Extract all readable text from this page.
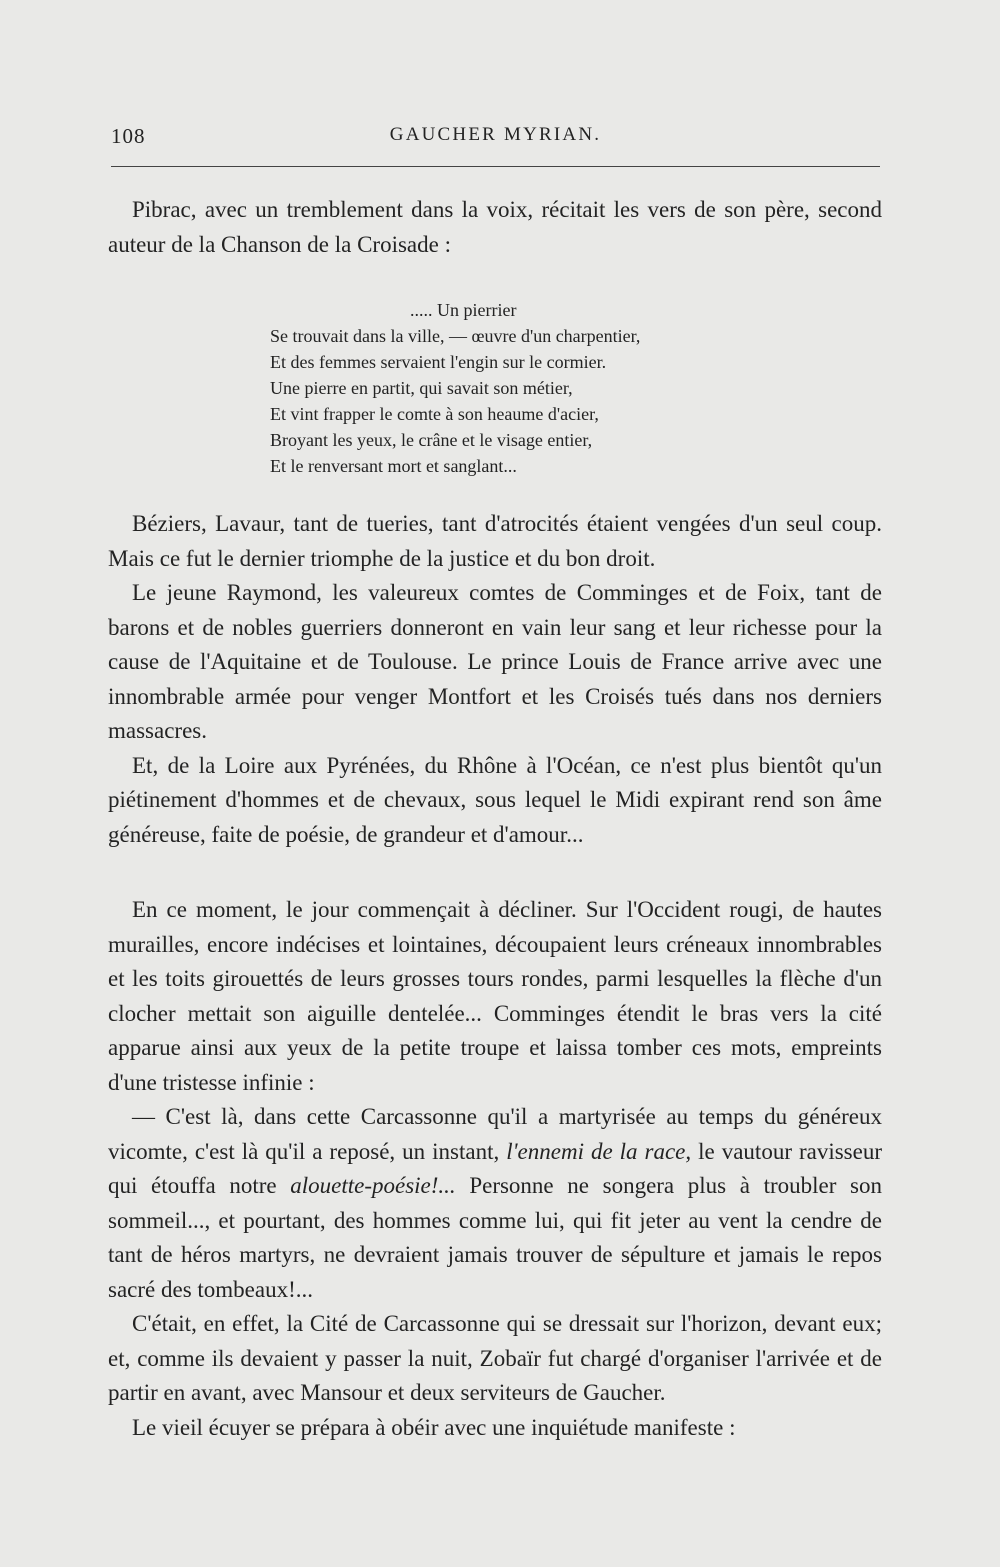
108	GAUCHER MYRIAN.

Pibrac, avec un tremblement dans la voix, récitait les vers de son père, second auteur de la Chanson de la Croisade :

..... Un pierrier
Se trouvait dans la ville, — œuvre d'un charpentier,
Et des femmes servaient l'engin sur le cormier.
Une pierre en partit, qui savait son métier,
Et vint frapper le comte à son heaume d'acier,
Broyant les yeux, le crâne et le visage entier,
Et le renversant mort et sanglant...

Béziers, Lavaur, tant de tueries, tant d'atrocités étaient vengées d'un seul coup. Mais ce fut le dernier triomphe de la justice et du bon droit.

Le jeune Raymond, les valeureux comtes de Comminges et de Foix, tant de barons et de nobles guerriers donneront en vain leur sang et leur richesse pour la cause de l'Aquitaine et de Toulouse. Le prince Louis de France arrive avec une innombrable armée pour venger Montfort et les Croisés tués dans nos derniers massacres.

Et, de la Loire aux Pyrénées, du Rhône à l'Océan, ce n'est plus bientôt qu'un piétinement d'hommes et de chevaux, sous lequel le Midi expirant rend son âme généreuse, faite de poésie, de grandeur et d'amour...

En ce moment, le jour commençait à décliner. Sur l'Occident rougi, de hautes murailles, encore indécises et lointaines, découpaient leurs créneaux innombrables et les toits girouettés de leurs grosses tours rondes, parmi lesquelles la flèche d'un clocher mettait son aiguille dentelée... Comminges étendit le bras vers la cité apparue ainsi aux yeux de la petite troupe et laissa tomber ces mots, empreints d'une tristesse infinie :

— C'est là, dans cette Carcassonne qu'il a martyrisée au temps du généreux vicomte, c'est là qu'il a reposé, un instant, l'ennemi de la race, le vautour ravisseur qui étouffa notre alouette-poésie!... Personne ne songera plus à troubler son sommeil..., et pourtant, des hommes comme lui, qui fit jeter au vent la cendre de tant de héros martyrs, ne devraient jamais trouver de sépulture et jamais le repos sacré des tombeaux!...

C'était, en effet, la Cité de Carcassonne qui se dressait sur l'horizon, devant eux; et, comme ils devaient y passer la nuit, Zobaïr fut chargé d'organiser l'arrivée et de partir en avant, avec Mansour et deux serviteurs de Gaucher.

Le vieil écuyer se prépara à obéir avec une inquiétude manifeste :
